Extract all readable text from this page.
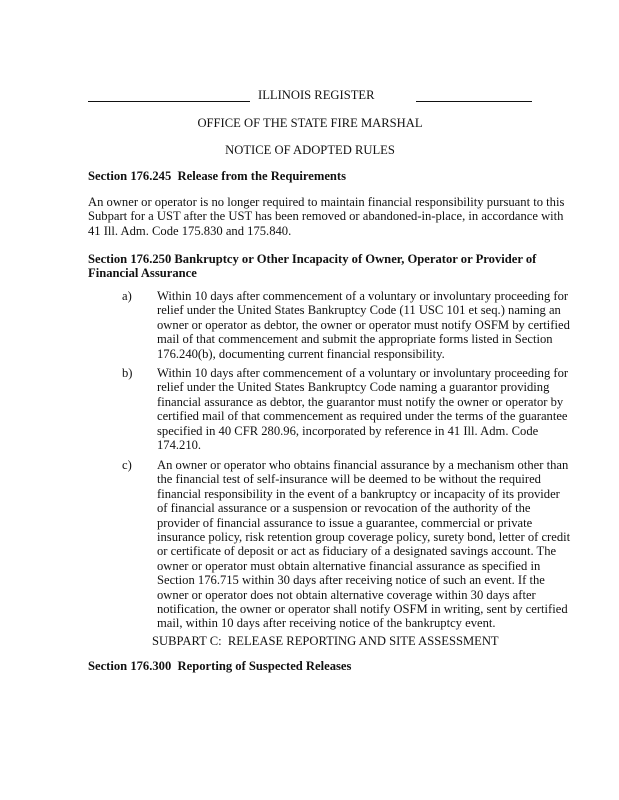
ILLINOIS REGISTER
OFFICE OF THE STATE FIRE MARSHAL
NOTICE OF ADOPTED RULES
Section 176.245  Release from the Requirements
An owner or operator is no longer required to maintain financial responsibility pursuant to this
Subpart for a UST after the UST has been removed or abandoned-in-place, in accordance with
41 Ill. Adm. Code 175.830 and 175.840.
Section 176.250 Bankruptcy or Other Incapacity of Owner, Operator or Provider of
Financial Assurance
a) Within 10 days after commencement of a voluntary or involuntary proceeding for
relief under the United States Bankruptcy Code (11 USC 101 et seq.) naming an
owner or operator as debtor, the owner or operator must notify OSFM by certified
mail of that commencement and submit the appropriate forms listed in Section
176.240(b), documenting current financial responsibility.
b) Within 10 days after commencement of a voluntary or involuntary proceeding for
relief under the United States Bankruptcy Code naming a guarantor providing
financial assurance as debtor, the guarantor must notify the owner or operator by
certified mail of that commencement as required under the terms of the guarantee
specified in 40 CFR 280.96, incorporated by reference in 41 Ill. Adm. Code
174.210.
c) An owner or operator who obtains financial assurance by a mechanism other than
the financial test of self-insurance will be deemed to be without the required
financial responsibility in the event of a bankruptcy or incapacity of its provider
of financial assurance or a suspension or revocation of the authority of the
provider of financial assurance to issue a guarantee, commercial or private
insurance policy, risk retention group coverage policy, surety bond, letter of credit
or certificate of deposit or act as fiduciary of a designated savings account. The
owner or operator must obtain alternative financial assurance as specified in
Section 176.715 within 30 days after receiving notice of such an event. If the
owner or operator does not obtain alternative coverage within 30 days after
notification, the owner or operator shall notify OSFM in writing, sent by certified
mail, within 10 days after receiving notice of the bankruptcy event.
SUBPART C:  RELEASE REPORTING AND SITE ASSESSMENT
Section 176.300  Reporting of Suspected Releases
